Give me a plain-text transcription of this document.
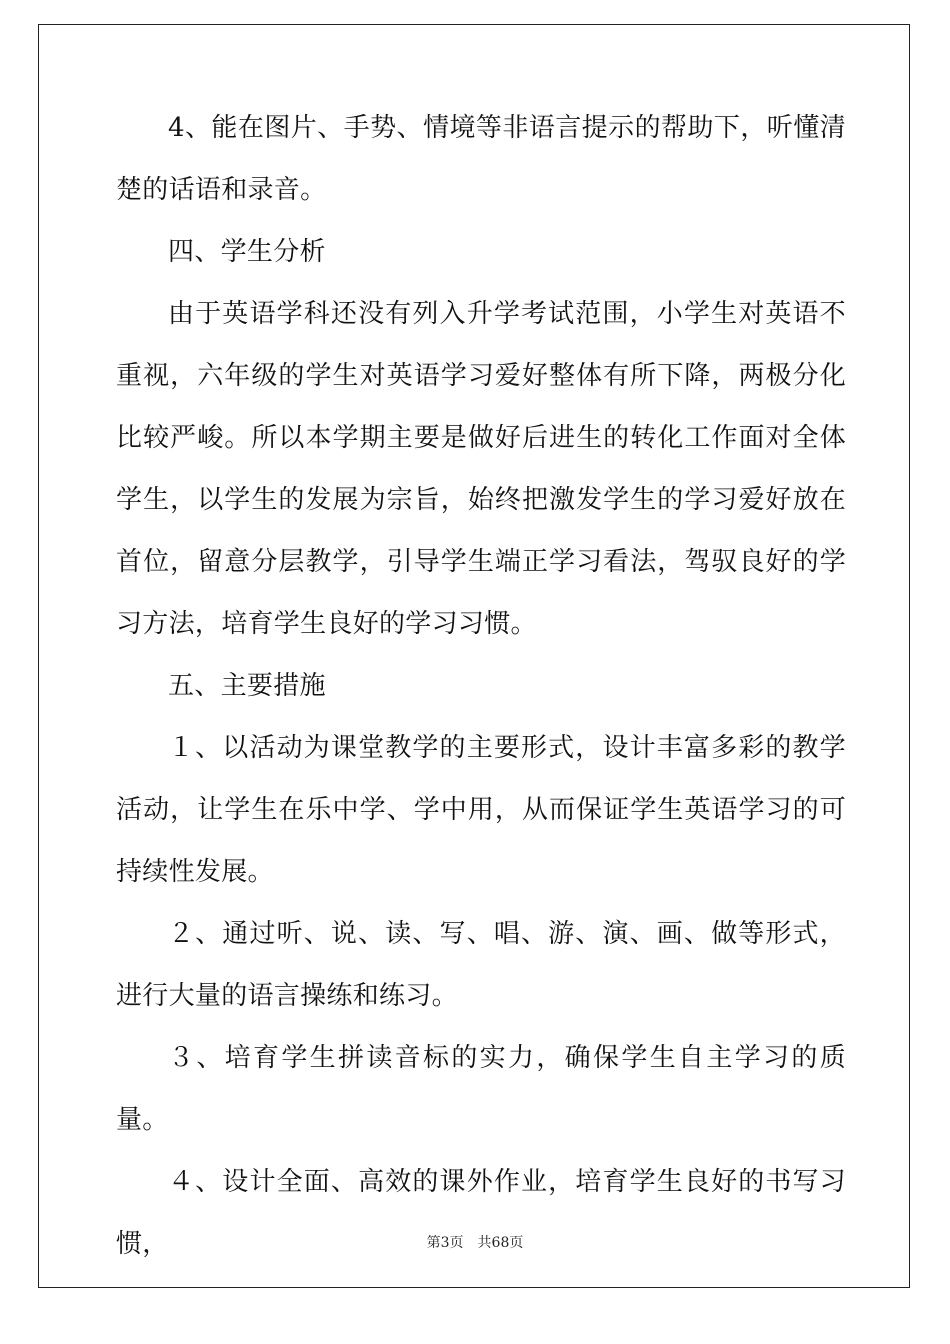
4、能在图片、手势、情境等非语言提示的帮助下，听懂清楚的话语和录音。

四、学生分析

由于英语学科还没有列入升学考试范围，小学生对英语不重视，六年级的学生对英语学习爱好整体有所下降，两极分化比较严峻。所以本学期主要是做好后进生的转化工作面对全体学生，以学生的发展为宗旨，始终把激发学生的学习爱好放在首位，留意分层教学，引导学生端正学习看法，驾驭良好的学习方法，培育学生良好的学习习惯。

五、主要措施

１、以活动为课堂教学的主要形式，设计丰富多彩的教学活动，让学生在乐中学、学中用，从而保证学生英语学习的可持续性发展。

２、通过听、说、读、写、唱、游、演、画、做等形式，进行大量的语言操练和练习。

３、培育学生拼读音标的实力，确保学生自主学习的质量。

４、设计全面、高效的课外作业，培育学生良好的书写习惯，	第3页 共68页
